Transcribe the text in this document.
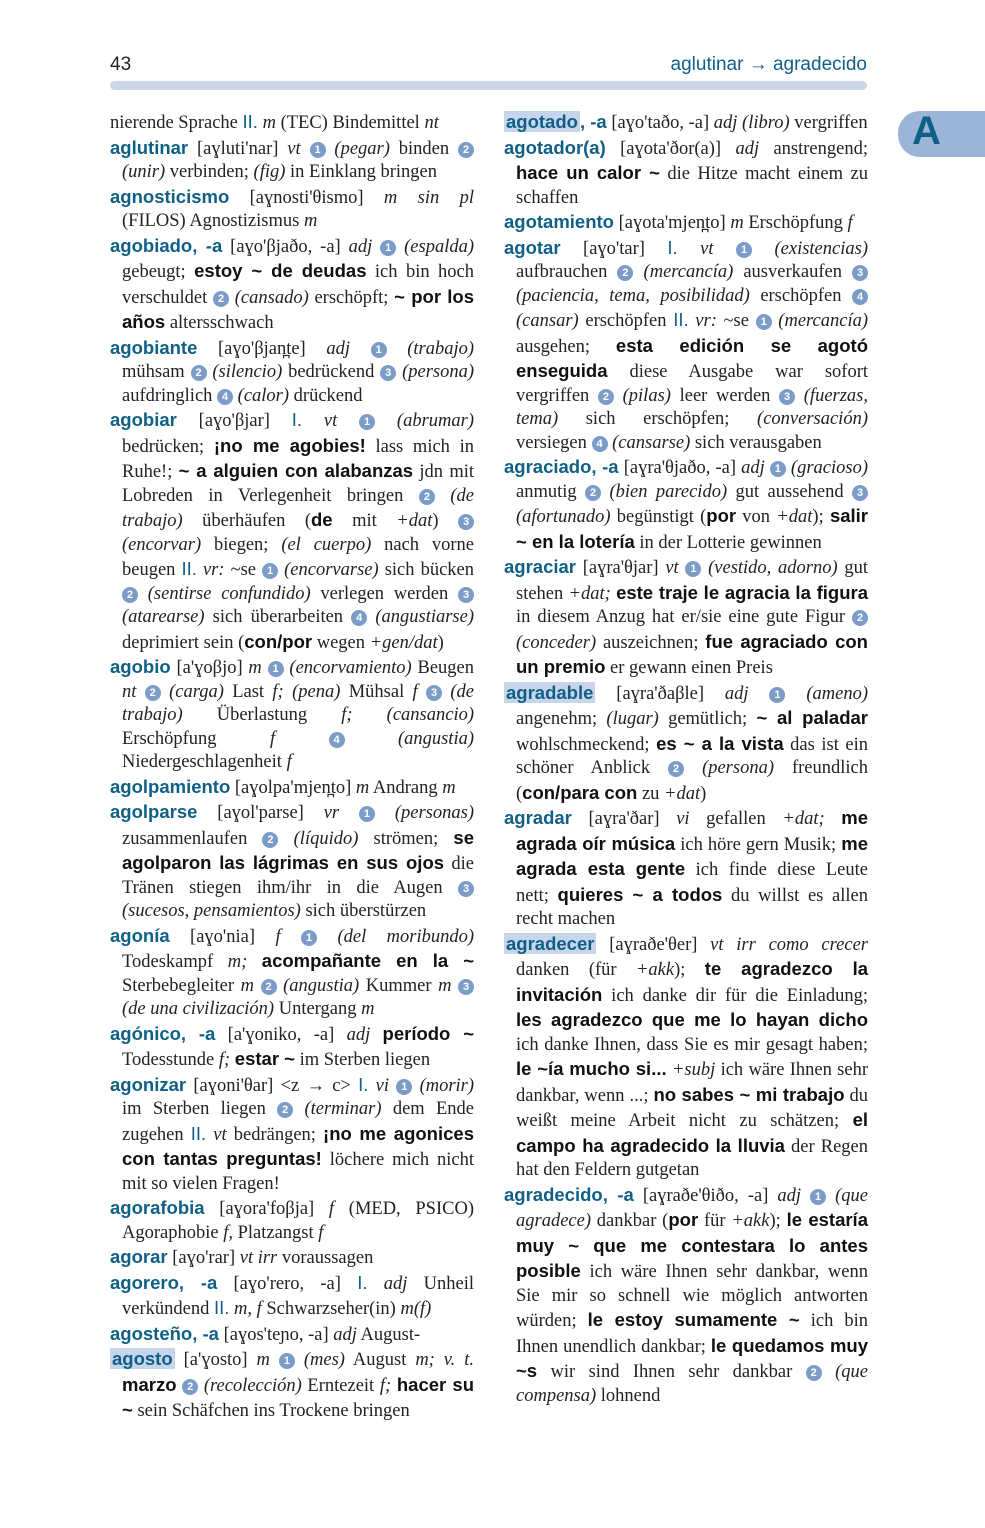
43	aglutinar → agradecido
A

nierende Sprache II. m (TEC) Bindemittel nt

aglutinar [aɣluti'nar] vt 1 (pegar) binden 2 (unir) verbinden; (fig) in Einklang bringen

agnosticismo [aɣnosti'θismo] m sin pl (FILOS) Agnostizismus m

agobiado, -a [aɣo'βjaðo, -a] adj 1 (espalda) gebeugt; estoy ~ de deudas ich bin hoch verschuldet 2 (cansado) erschöpft; ~ por los años altersschwach

agobiante [aɣo'βjan̪te] adj 1 (trabajo) mühsam 2 (silencio) bedrückend 3 (persona) aufdringlich 4 (calor) drückend

agobiar [aɣo'βjar] I. vt 1 (abrumar) bedrücken; ¡no me agobies! lass mich in Ruhe!; ~ a alguien con alabanzas jdn mit Lobreden in Verlegenheit bringen 2 (de trabajo) überhäufen (de mit +dat) 3 (encorvar) biegen; (el cuerpo) nach vorne beugen II. vr: ~se 1 (encorvarse) sich bücken 2 (sentirse confundido) verlegen werden 3 (atarearse) sich überarbeiten 4 (angustiarse) deprimiert sein (con/por wegen +gen/dat)

agobio [a'ɣoβjo] m 1 (encorvamiento) Beugen nt 2 (carga) Last f; (pena) Mühsal f 3 (de trabajo) Überlastung f; (cansancio) Erschöpfung f	4	(angustia) Niedergeschlagenheit f

agolpamiento [aɣolpa'mjen̪to] m Andrang m

agolparse [aɣol'parse] vr 1 (personas) zusammenlaufen 2 (líquido) strömen; se agolparon las lágrimas en sus ojos die Tränen stiegen ihm/ihr in die Augen 3 (sucesos, pensamientos) sich überstürzen

agonía [aɣo'nia] f 1 (del moribundo) Todeskampf m; acompañante en la ~ Sterbebegleiter m 2 (angustia) Kummer m 3 (de una civilización) Untergang m

agónico, -a [a'ɣoniko, -a] adj período ~ Todesstunde f; estar ~ im Sterben liegen

agonizar [aɣoni'θar] <z → c> I. vi 1 (morir) im Sterben liegen 2 (terminar) dem Ende zugehen II. vt bedrängen; ¡no me agonices con tantas preguntas! löchere mich nicht mit so vielen Fragen!

agorafobia [aɣora'foβja] f (MED, PSICO) Agoraphobie f, Platzangst f

agorar [aɣo'rar] vt irr voraussagen

agorero, -a [aɣo'rero, -a] I. adj Unheil verkündend II. m, f Schwarzseher(in) m(f)

agosteño, -a [aɣos'teɲo, -a] adj August-

agosto [a'ɣosto] m 1 (mes) August m; v. t. marzo 2 (recolección) Erntezeit f; hacer su ~ sein Schäfchen ins Trockene bringen

agotado , -a [aɣo'taðo, -a] adj (libro) vergriffen

agotador(a) [aɣota'ðor(a)] adj anstrengend; hace un calor ~ die Hitze macht einem zu schaffen

agotamiento [aɣota'mjen̪to] m Erschöpfung f

agotar [aɣo'tar] I. vt 1 (existencias) aufbrauchen 2 (mercancía) ausverkaufen 3 (paciencia, tema, posibilidad) erschöpfen 4 (cansar) erschöpfen II. vr: ~se 1 (mercancía) ausgehen; esta edición se agotó enseguida diese Ausgabe war sofort vergriffen 2 (pilas) leer werden 3 (fuerzas, tema) sich erschöpfen; (conversación) versiegen 4 (cansarse) sich verausgaben

agraciado, -a [aɣra'θjaðo, -a] adj 1 (gracioso) anmutig 2 (bien parecido) gut aussehend 3 (afortunado) begünstigt (por von +dat); salir ~ en la lotería in der Lotterie gewinnen

agraciar [aɣra'θjar] vt 1 (vestido, adorno) gut stehen +dat; este traje le agracia la figura in diesem Anzug hat er/sie eine gute Figur 2 (conceder) auszeichnen; fue agraciado con un premio er gewann einen Preis

agradable [aɣra'ðaβle] adj 1 (ameno) angenehm; (lugar) gemütlich; ~ al paladar wohlschmeckend; es ~ a la vista das ist ein schöner Anblick 2 (persona) freundlich (con/para con zu +dat)

agradar [aɣra'ðar] vi gefallen +dat; me agrada oír música ich höre gern Musik; me agrada esta gente ich finde diese Leute nett; quieres ~ a todos du willst es allen recht machen

agradecer [aɣraðe'θer] vt irr como crecer danken (für +akk); te agradezco la invitación ich danke dir für die Einladung; les agradezco que me lo hayan dicho ich danke Ihnen, dass Sie es mir gesagt haben; le ~ía mucho si... +subj ich wäre Ihnen sehr dankbar, wenn ...; no sabes ~ mi trabajo du weißt meine Arbeit nicht zu schätzen; el campo ha agradecido la lluvia der Regen hat den Feldern gutgetan

agradecido, -a [aɣraðe'θiðo, -a] adj 1 (que agradece) dankbar (por für +akk); le estaría muy ~ que me contestara lo antes posible ich wäre Ihnen sehr dankbar, wenn Sie mir so schnell wie möglich antworten würden; le estoy sumamente ~ ich bin Ihnen unendlich dankbar; le quedamos muy ~s wir sind Ihnen sehr dankbar 2 (que compensa) lohnend
